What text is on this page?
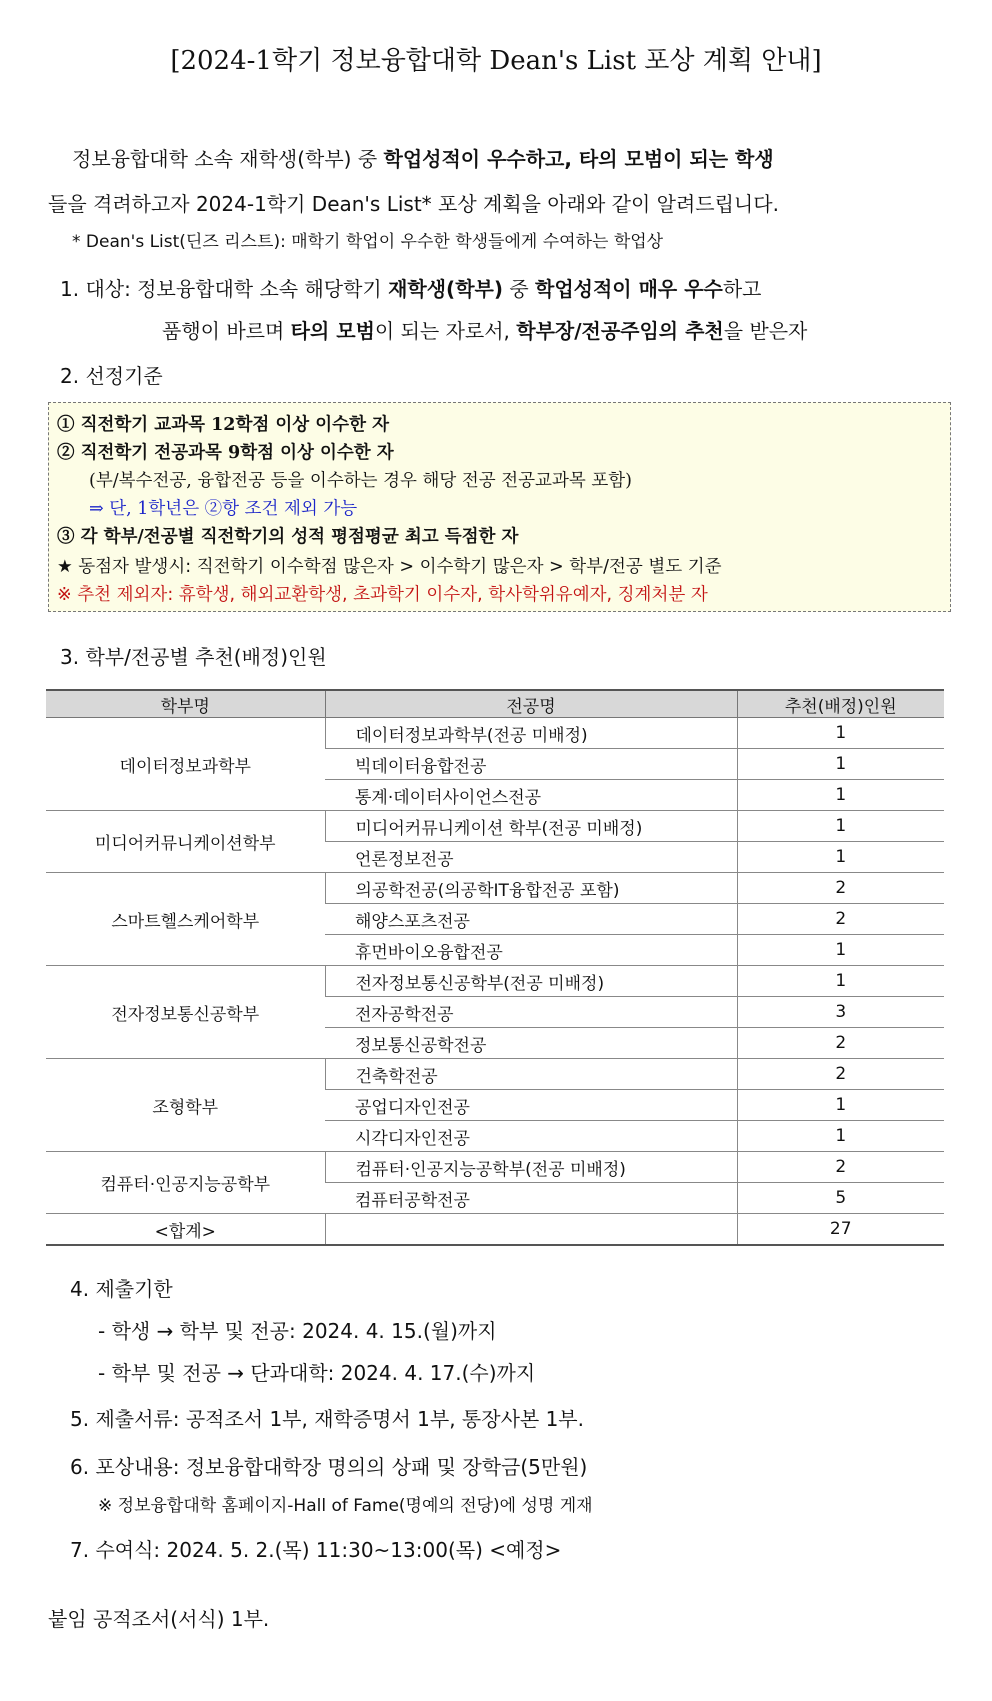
[2024-1학기 정보융합대학 Dean's List 포상 계획 안내]
정보융합대학 소속 재학생(학부) 중 학업성적이 우수하고, 타의 모범이 되는 학생
들을 격려하고자 2024-1학기 Dean's List* 포상 계획을 아래와 같이 알려드립니다.
* Dean's List(딘즈 리스트): 매학기 학업이 우수한 학생들에게 수여하는 학업상
1. 대상: 정보융합대학 소속 해당학기 재학생(학부) 중 학업성적이 매우 우수하고
품행이 바르며 타의 모범이 되는 자로서, 학부장/전공주임의 추천을 받은자
2. 선정기준
① 직전학기 교과목 12학점 이상 이수한 자
② 직전학기 전공과목 9학점 이상 이수한 자
(부/복수전공, 융합전공 등을 이수하는 경우 해당 전공 전공교과목 포함)
⇒ 단, 1학년은 ②항 조건 제외 가능
③ 각 학부/전공별 직전학기의 성적 평점평균 최고 득점한 자
★ 동점자 발생시: 직전학기 이수학점 많은자 > 이수학기 많은자 > 학부/전공 별도 기준
※ 추천 제외자: 휴학생, 해외교환학생, 초과학기 이수자, 학사학위유예자, 징계처분 자
3. 학부/전공별 추천(배정)인원
학부명	전공명	추천(배정)인원
데이터정보과학부	데이터정보과학부(전공 미배정)	1
	빅데이터융합전공	1
	통계·데이터사이언스전공	1
미디어커뮤니케이션학부	미디어커뮤니케이션 학부(전공 미배정)	1
	언론정보전공	1
스마트헬스케어학부	의공학전공(의공학IT융합전공 포함)	2
	해양스포츠전공	2
	휴먼바이오융합전공	1
전자정보통신공학부	전자정보통신공학부(전공 미배정)	1
	전자공학전공	3
	정보통신공학전공	2
조형학부	건축학전공	2
	공업디자인전공	1
	시각디자인전공	1
컴퓨터·인공지능공학부	컴퓨터·인공지능공학부(전공 미배정)	2
	컴퓨터공학전공	5
<합계>		27
4. 제출기한
- 학생 → 학부 및 전공: 2024. 4. 15.(월)까지
- 학부 및 전공 → 단과대학: 2024. 4. 17.(수)까지
5. 제출서류: 공적조서 1부, 재학증명서 1부, 통장사본 1부.
6. 포상내용: 정보융합대학장 명의의 상패 및 장학금(5만원)
※ 정보융합대학 홈페이지-Hall of Fame(명예의 전당)에 성명 게재
7. 수여식: 2024. 5. 2.(목) 11:30~13:00(목) <예정>
붙임 공적조서(서식) 1부.
